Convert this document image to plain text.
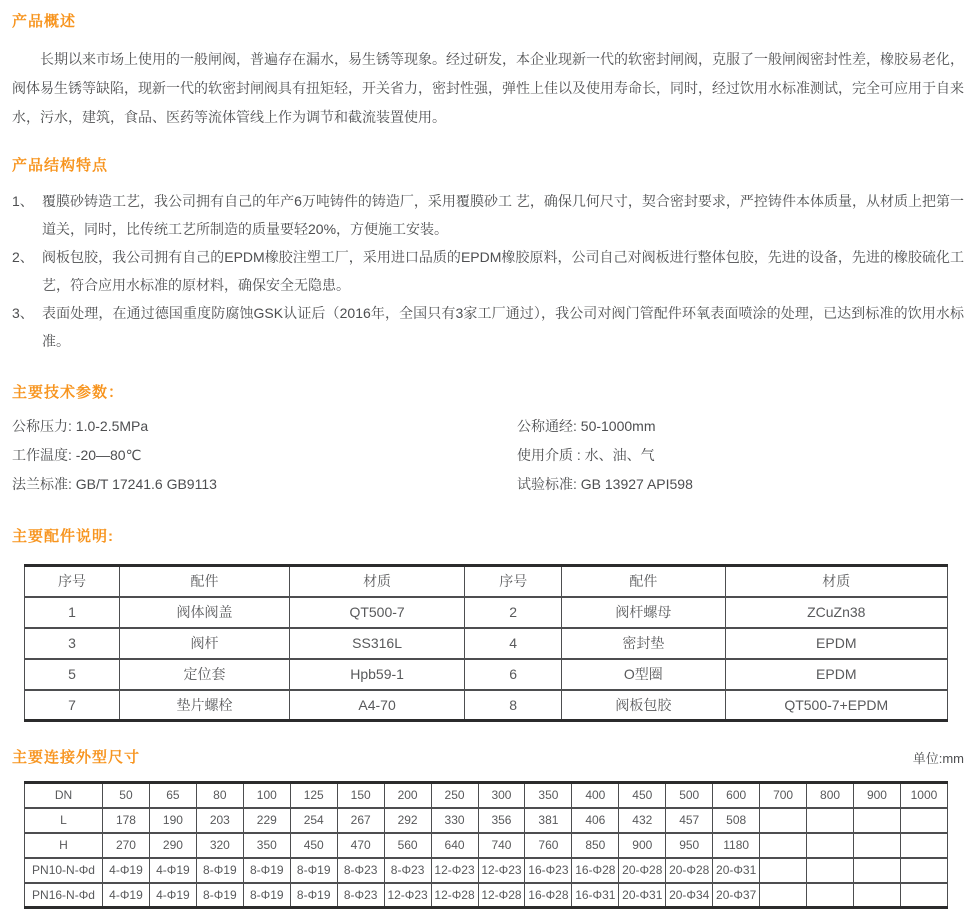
产品概述

长期以来市场上使用的一般闸阀，普遍存在漏水，易生锈等现象。经过研发，本企业现新一代的软密封闸阀，克服了一般闸阀密封性差，橡胶易老化，阀体易生锈等缺陷，现新一代的软密封闸阀具有扭矩轻，开关省力，密封性强，弹性上佳以及使用寿命长，同时，经过饮用水标准测试，完全可应用于自来水，污水，建筑，食品、医药等流体管线上作为调节和截流装置使用。

产品结构特点
1、 覆膜砂铸造工艺，我公司拥有自己的年产6万吨铸件的铸造厂，采用覆膜砂工 艺，确保几何尺寸，契合密封要求，严控铸件本体质量，从材质上把第一道关，同时，比传统工艺所制造的质量要轻20%，方便施工安装。
2、 阀板包胶，我公司拥有自己的EPDM橡胶注塑工厂，采用进口品质的EPDM橡胶原料，公司自己对阀板进行整体包胶，先进的设备，先进的橡胶硫化工艺，符合应用水标准的原材料，确保安全无隐患。
3、 表面处理，在通过德国重度防腐蚀GSK认证后（2016年，全国只有3家工厂通过），我公司对阀门管配件环氧表面喷涂的处理，已达到标准的饮用水标准。
主要技术参数：
公称压力: 1.0-2.5MPa	公称通经: 50-1000mm
工作温度: -20—80℃	使用介质 : 水、油、气
法兰标准: GB/T 17241.6 GB9113	试验标准: GB 13927 API598
主要配件说明:
序号	配件	材质	序号	配件	材质
1	阀体阀盖	QT500-7	2	阀杆螺母	ZCuZn38
3	阀杆	SS316L	4	密封垫	EPDM
5	定位套	Hpb59-1	6	O型圈	EPDM
7	垫片螺栓	A4-70	8	阀板包胶	QT500-7+EPDM
主要连接外型尺寸	单位:mm
DN	50	65	80	100	125	150	200	250	300	350	400	450	500	600	700	800	900	1000
L	178	190	203	229	254	267	292	330	356	381	406	432	457	508				
H	270	290	320	350	450	470	560	640	740	760	850	900	950	1180				
PN10-N-Φd	4-Φ19	4-Φ19	8-Φ19	8-Φ19	8-Φ19	8-Φ23	8-Φ23	12-Φ23	12-Φ23	16-Φ23	16-Φ28	20-Φ28	20-Φ28	20-Φ31				
PN16-N-Φd	4-Φ19	4-Φ19	8-Φ19	8-Φ19	8-Φ19	8-Φ23	12-Φ23	12-Φ28	12-Φ28	16-Φ28	16-Φ31	20-Φ31	20-Φ34	20-Φ37				
